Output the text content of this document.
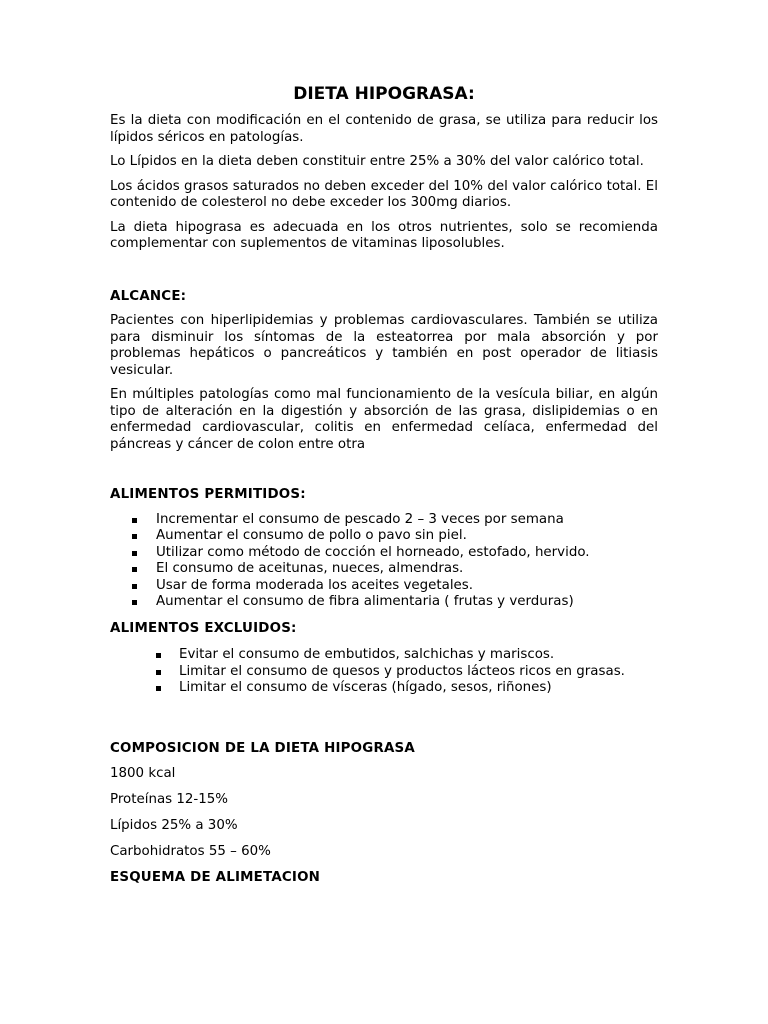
DIETA HIPOGRASA:

Es la dieta con modificación en el contenido de grasa, se utiliza para reducir los lípidos séricos en patologías.

Lo Lípidos en la dieta deben constituir entre 25% a 30% del valor calórico total.

Los ácidos grasos saturados no deben exceder del 10% del valor calórico total. El contenido de colesterol no debe exceder los 300mg diarios.

La dieta hipograsa es adecuada en los otros nutrientes, solo se recomienda complementar con suplementos de vitaminas liposolubles.

ALCANCE:

Pacientes con hiperlipidemias y problemas cardiovasculares. También se utiliza para disminuir los síntomas de la esteatorrea por mala absorción y por problemas hepáticos o pancreáticos y también en post operador de litiasis vesicular.

En múltiples patologías como mal funcionamiento de la vesícula biliar, en algún tipo de alteración en la digestión y absorción de las grasa, dislipidemias o en enfermedad cardiovascular, colitis en enfermedad celíaca, enfermedad del páncreas y cáncer de colon entre otra

ALIMENTOS PERMITIDOS:
Incrementar el consumo de pescado 2 – 3 veces por semana
Aumentar el consumo de pollo o pavo sin piel.
Utilizar como método de cocción el horneado, estofado, hervido.
El consumo de aceitunas, nueces, almendras.
Usar de forma moderada los aceites vegetales.
Aumentar el consumo de fibra alimentaria ( frutas y verduras)
ALIMENTOS EXCLUIDOS:
Evitar el consumo de embutidos, salchichas y mariscos.
Limitar el consumo de quesos y productos lácteos ricos en grasas.
Limitar el consumo de vísceras (hígado, sesos, riñones)
COMPOSICION DE LA DIETA HIPOGRASA
1800 kcal
Proteínas 12-15%
Lípidos 25% a 30%
Carbohidratos 55 – 60%
ESQUEMA DE ALIMETACION
